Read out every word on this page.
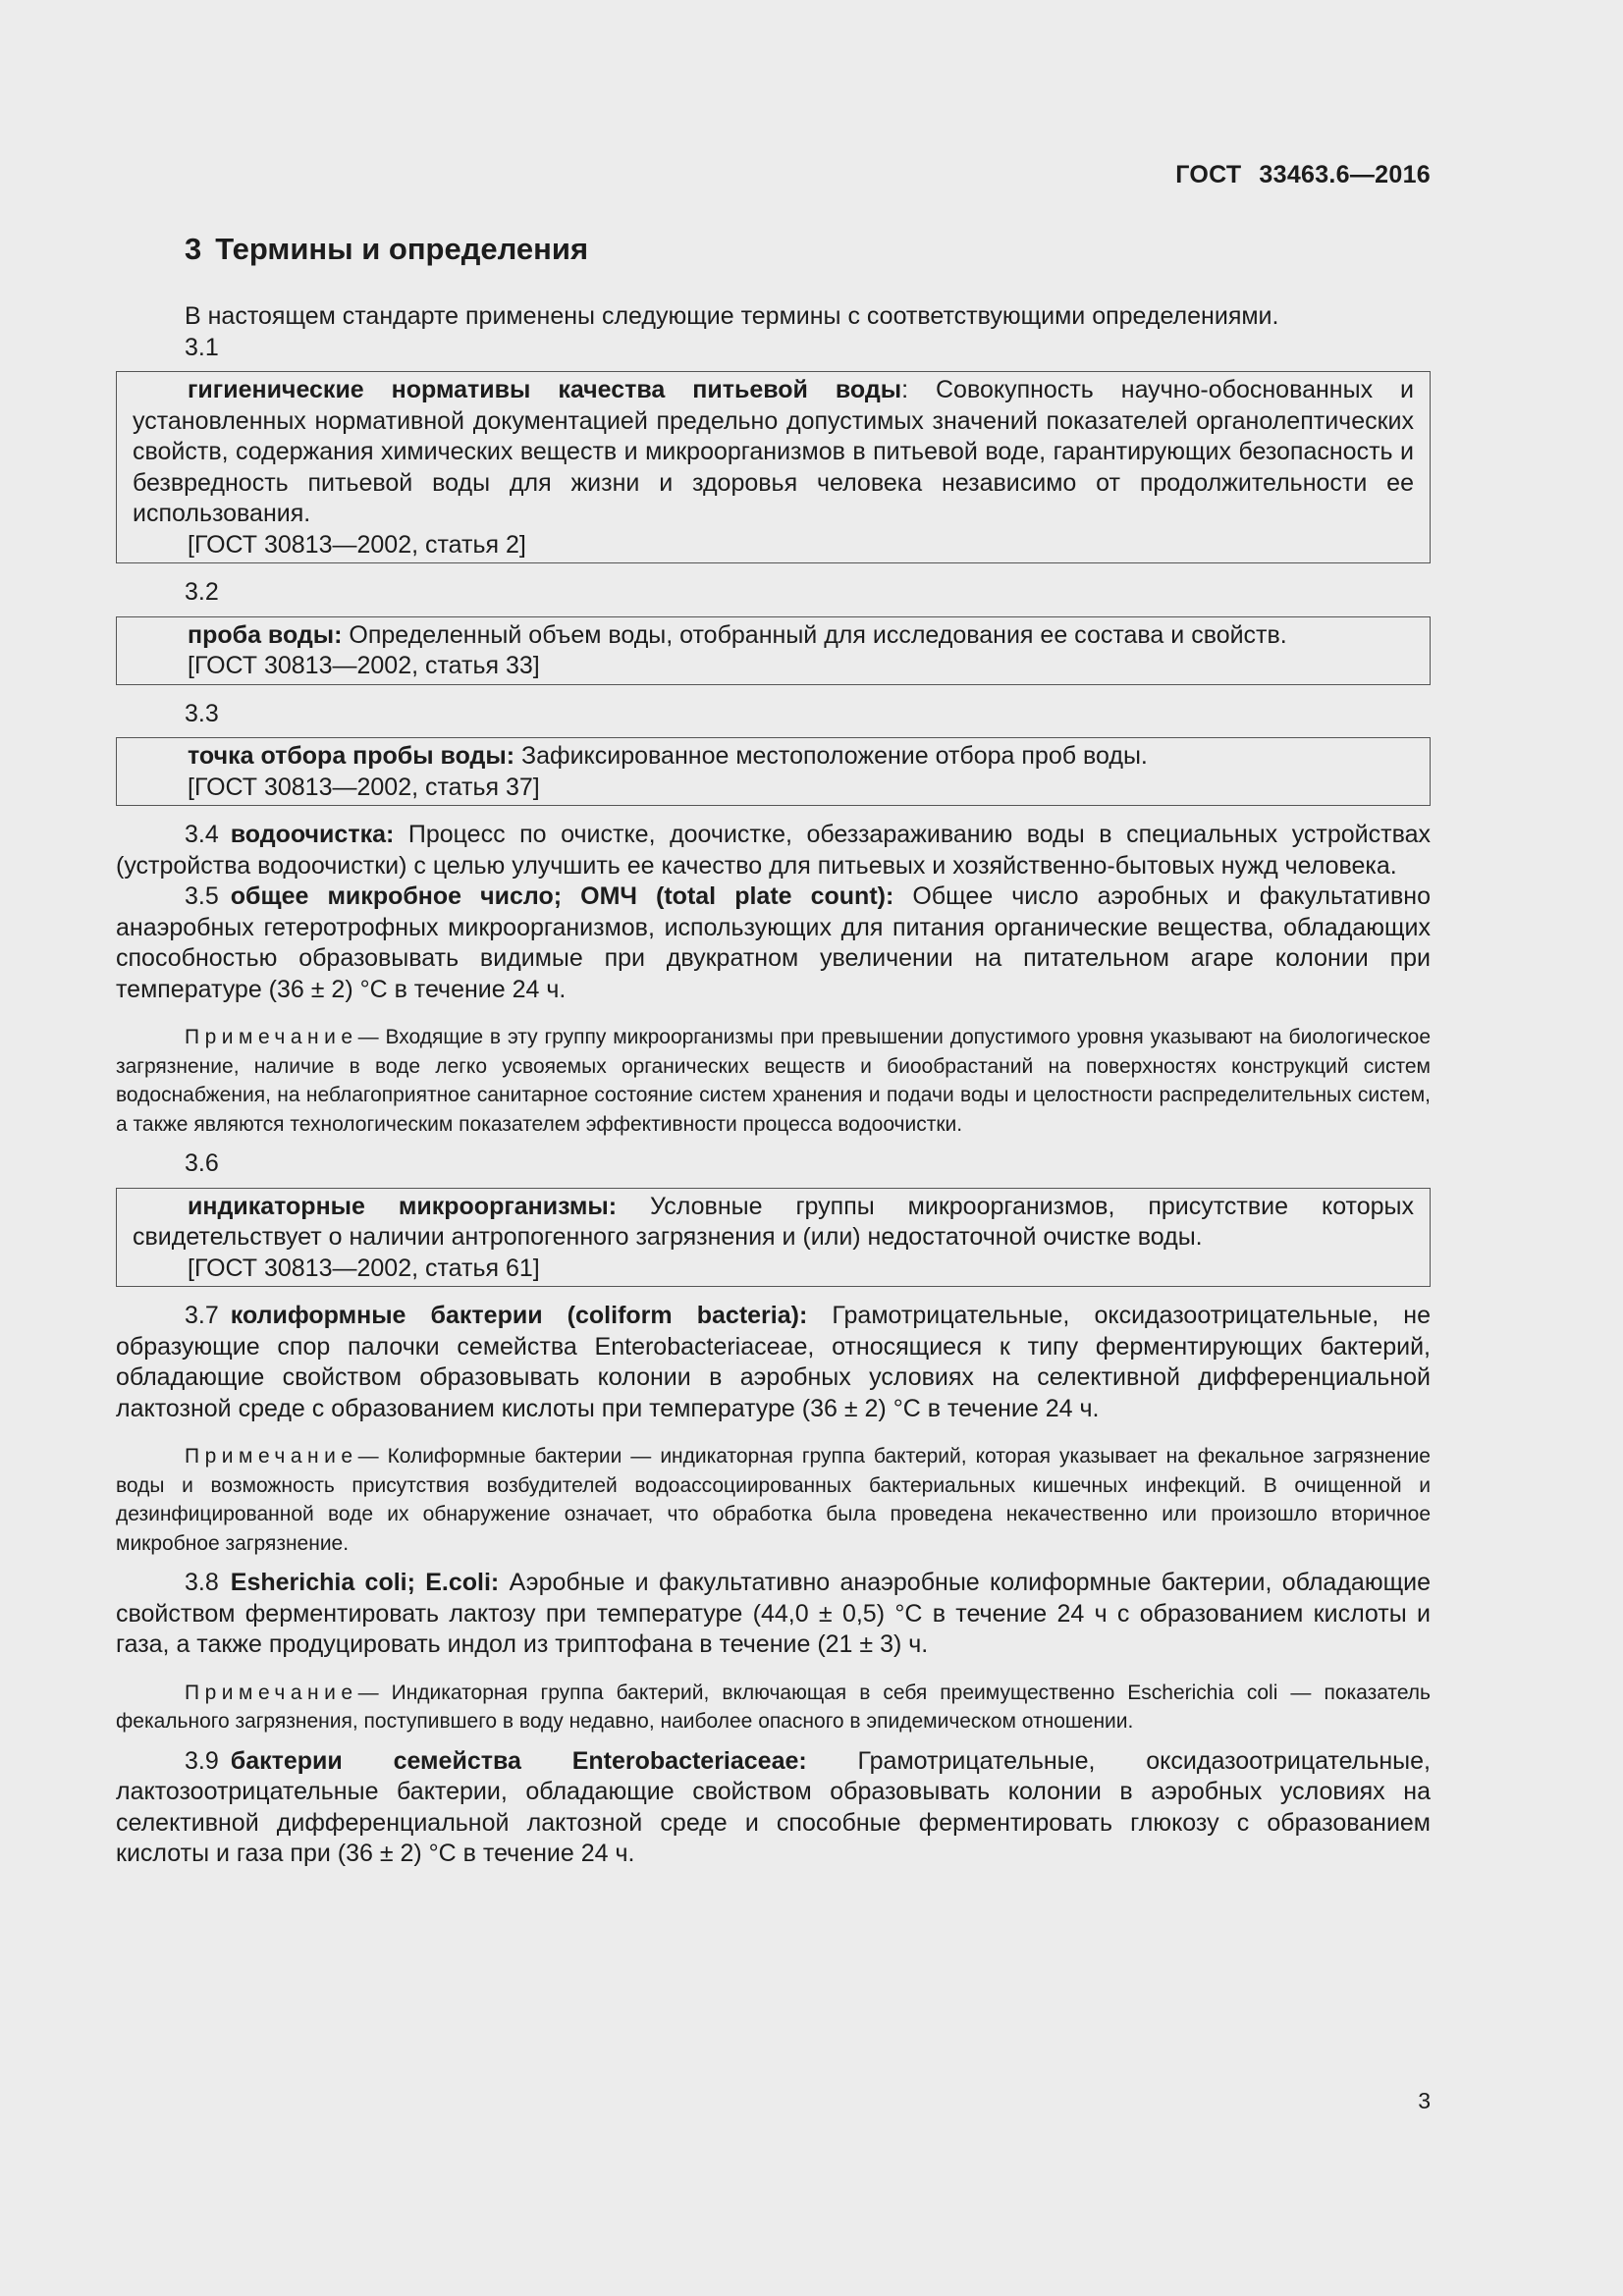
ГОСТ 33463.6—2016
3 Термины и определения

В настоящем стандарте применены следующие термины с соответствующими определениями.

3.1

гигиенические нормативы качества питьевой воды: Совокупность научно-обоснованных и установленных нормативной документацией предельно допустимых значений показателей органолептических свойств, содержания химических веществ и микроорганизмов в питьевой воде, гарантирующих безопасность и безвредность питьевой воды для жизни и здоровья человека независимо от продолжительности ее использования.

[ГОСТ 30813—2002, статья 2]

3.2

проба воды: Определенный объем воды, отобранный для исследования ее состава и свойств.

[ГОСТ 30813—2002, статья 33]

3.3

точка отбора пробы воды: Зафиксированное местоположение отбора проб воды.

[ГОСТ 30813—2002, статья 37]

3.4 водоочистка: Процесс по очистке, доочистке, обеззараживанию воды в специальных устройствах (устройства водоочистки) с целью улучшить ее качество для питьевых и хозяйственно-бытовых нужд человека.

3.5 общее микробное число; ОМЧ (total plate count): Общее число аэробных и факультативно анаэробных гетеротрофных микроорганизмов, использующих для питания органические вещества, обладающих способностью образовывать видимые при двукратном увеличении на питательном агаре колонии при температуре (36 ± 2) °С в течение 24 ч.

Примечание— Входящие в эту группу микроорганизмы при превышении допустимого уровня указывают на биологическое загрязнение, наличие в воде легко усвояемых органических веществ и биообрастаний на поверхностях конструкций систем водоснабжения, на неблагоприятное санитарное состояние систем хранения и подачи воды и целостности распределительных систем, а также являются технологическим показателем эффективности процесса водоочистки.

3.6

индикаторные микроорганизмы: Условные группы микроорганизмов, присутствие которых свидетельствует о наличии антропогенного загрязнения и (или) недостаточной очистке воды.

[ГОСТ 30813—2002, статья 61]

3.7 колиформные бактерии (coliform bacteria): Грамотрицательные, оксидазоотрицательные, не образующие спор палочки семейства Enterobacteriaceae, относящиеся к типу ферментирующих бактерий, обладающие свойством образовывать колонии в аэробных условиях на селективной дифференциальной лактозной среде с образованием кислоты при температуре (36 ± 2) °С в течение 24 ч.

Примечание— Колиформные бактерии — индикаторная группа бактерий, которая указывает на фекальное загрязнение воды и возможность присутствия возбудителей водоассоциированных бактериальных кишечных инфекций. В очищенной и дезинфицированной воде их обнаружение означает, что обработка была проведена некачественно или произошло вторичное микробное загрязнение.

3.8 Esherichia coli; E.coli: Аэробные и факультативно анаэробные колиформные бактерии, обладающие свойством ферментировать лактозу при температуре (44,0 ± 0,5) °С в течение 24 ч с образованием кислоты и газа, а также продуцировать индол из триптофана в течение (21 ± 3) ч.

Примечание— Индикаторная группа бактерий, включающая в себя преимущественно Escherichia coli — показатель фекального загрязнения, поступившего в воду недавно, наиболее опасного в эпидемическом отношении.

3.9 бактерии семейства Enterobacteriaceae: Грамотрицательные, оксидазоотрицательные, лактозоотрицательные бактерии, обладающие свойством образовывать колонии в аэробных условиях на селективной дифференциальной лактозной среде и способные ферментировать глюкозу с образованием кислоты и газа при (36 ± 2) °С в течение 24 ч.

3
